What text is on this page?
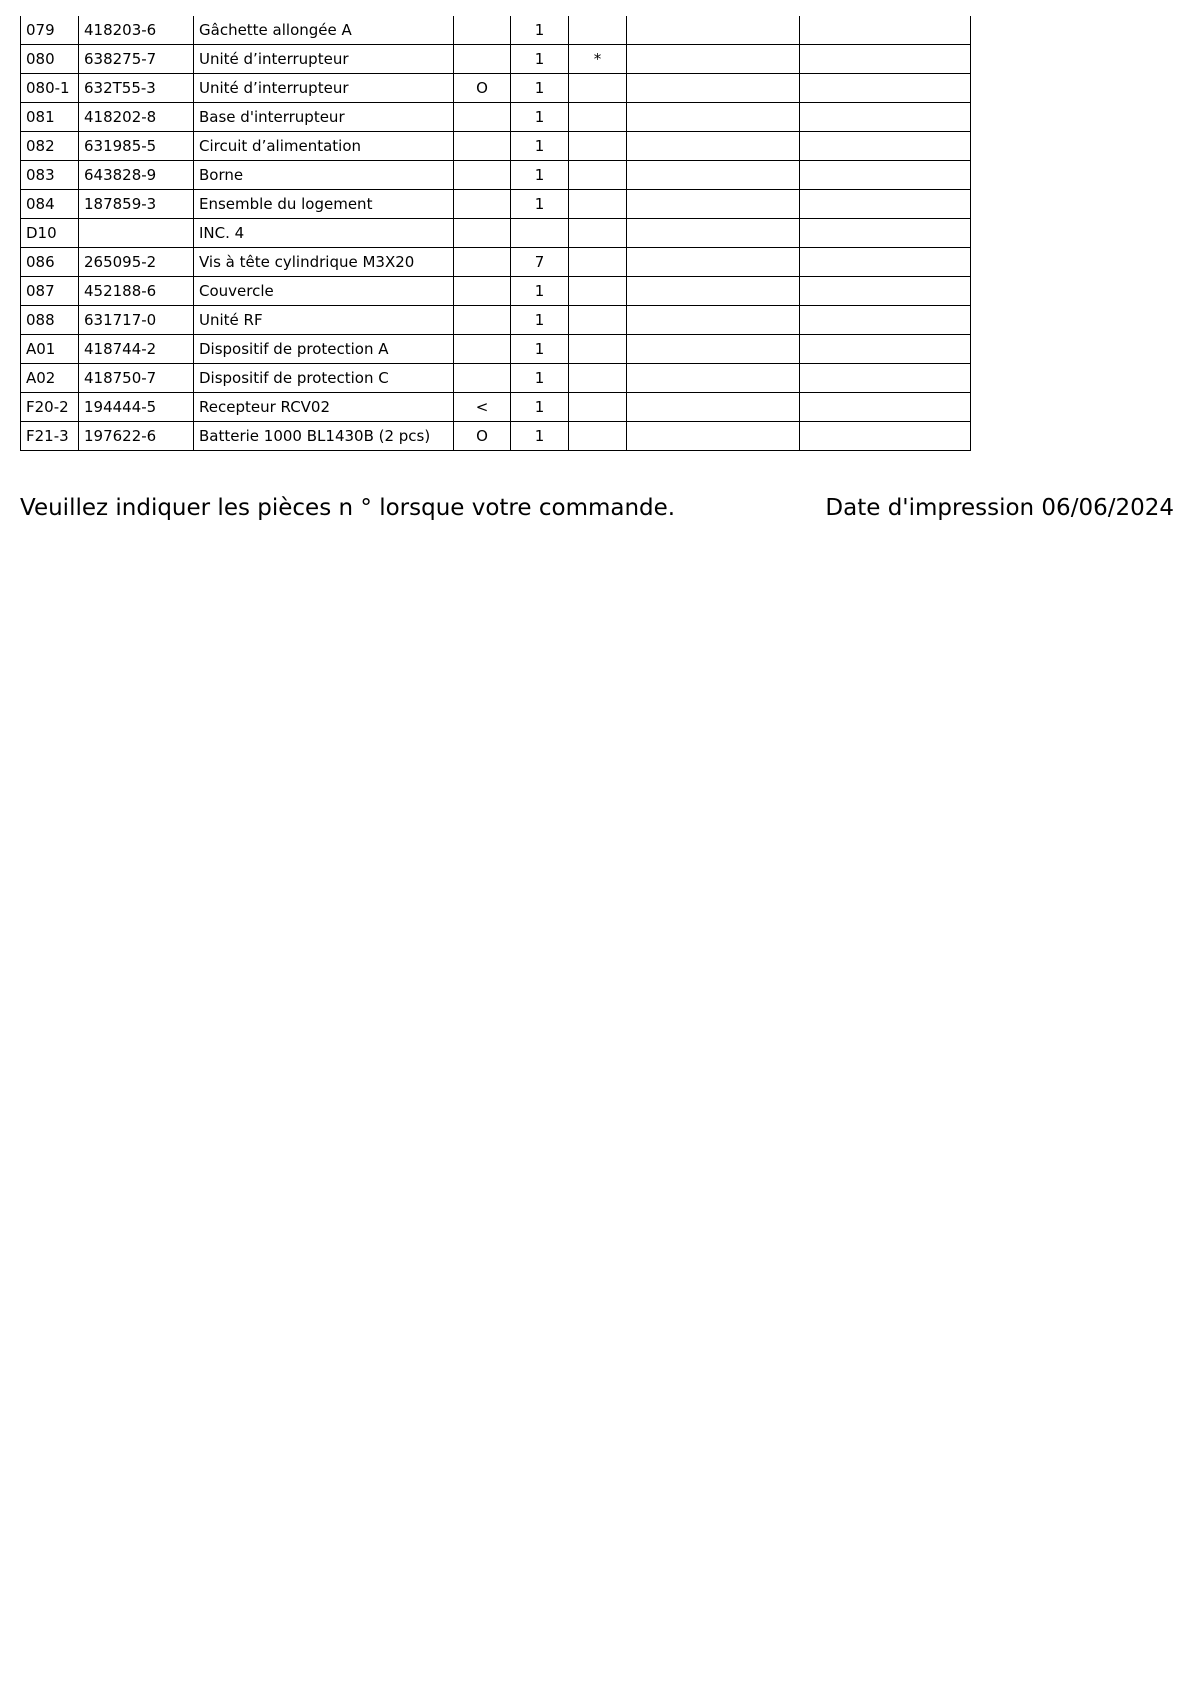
079	418203-6	Gâchette allongée A		1			
080	638275-7	Unité d’interrupteur		1	*		
080-1	632T55-3	Unité d’interrupteur	O	1			
081	418202-8	Base d'interrupteur		1			
082	631985-5	Circuit d’alimentation		1			
083	643828-9	Borne		1			
084	187859-3	Ensemble du logement		1			
D10		INC. 4					
086	265095-2	Vis à tête cylindrique M3X20		7			
087	452188-6	Couvercle		1			
088	631717-0	Unité RF		1			
A01	418744-2	Dispositif de protection A		1			
A02	418750-7	Dispositif de protection C		1			
F20-2	194444-5	Recepteur RCV02	<	1			
F21-3	197622-6	Batterie 1000 BL1430B (2 pcs)	O	1			
Veuillez indiquer les pièces n ° lorsque votre commande.	Date d'impression 06/06/2024
